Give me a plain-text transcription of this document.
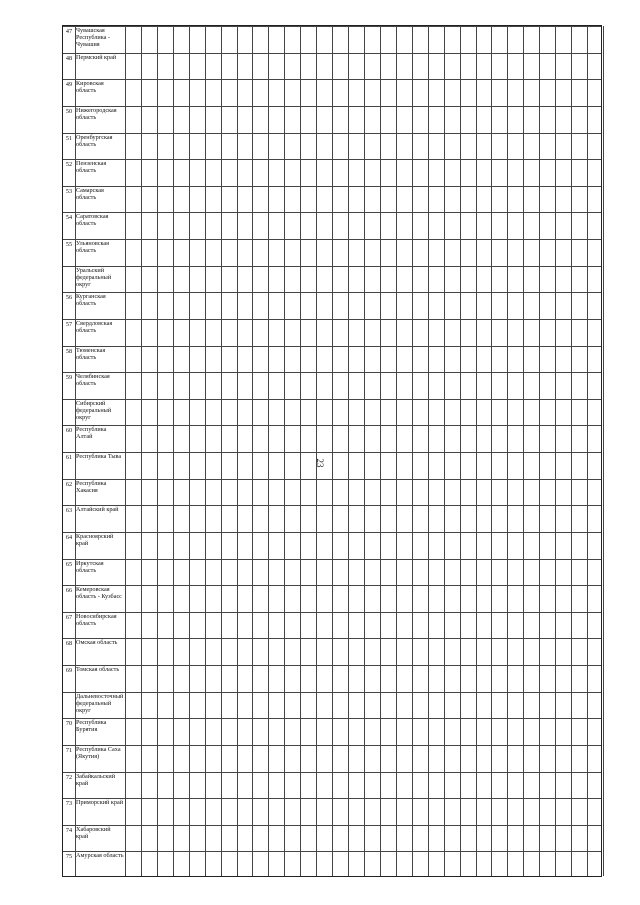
23
47 Чувашская Республика - Чувашия
48 Пермский край
49 Кировская область
50 Нижегородская область
51 Оренбургская область
52 Пензенская область
53 Самарская область
54 Саратовская область
55 Ульяновская область
Уральский федеральный округ
56 Курганская область
57 Свердловская область
58 Тюменская область
59 Челябинская область
Сибирский федеральный округ
60 Республика Алтай
61 Республика Тыва
62 Республика Хакасия
63 Алтайский край
64 Красноярский край
65 Иркутская область
66 Кемеровская область - Кузбасс
67 Новосибирская область
68 Омская область
69 Томская область
Дальневосточный федеральный округ
70 Республика Бурятия
71 Республика Саха (Якутия)
72 Забайкальский край
73 Приморский край
74 Хабаровский край
75 Амурская область
